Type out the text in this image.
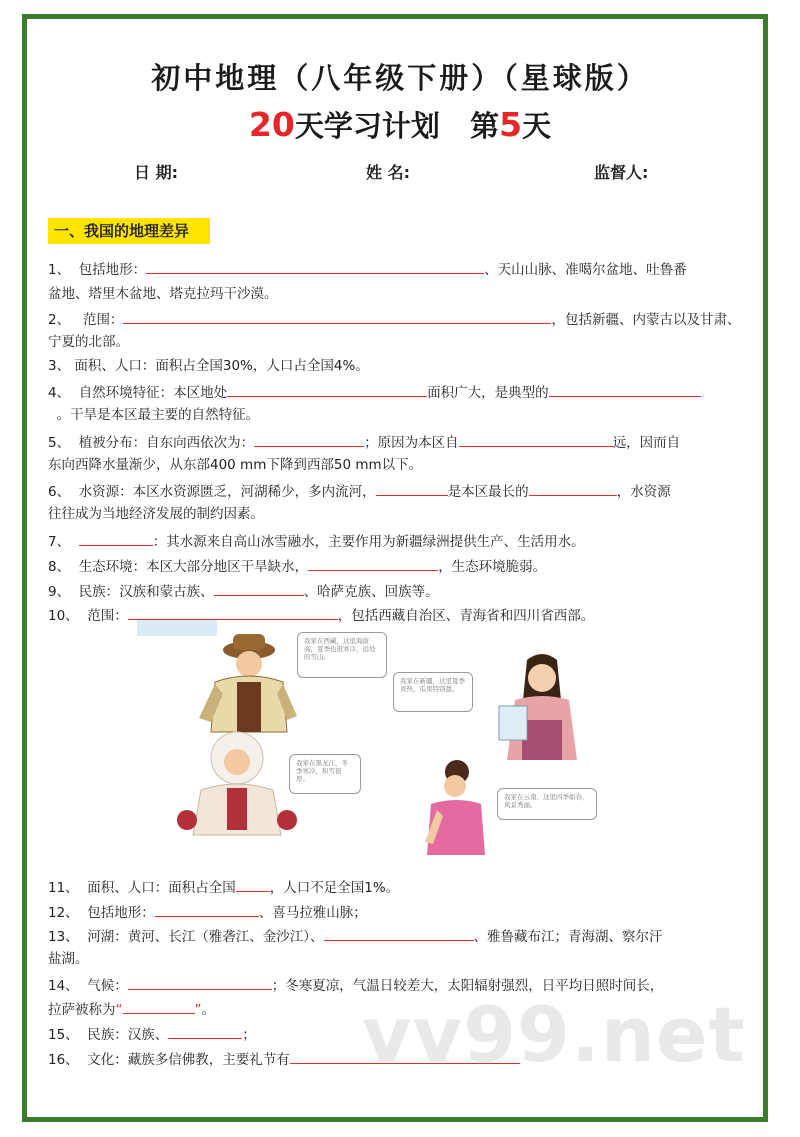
初中地理（八年级下册）（星球版）
20天学习计划 第5天
日 期:	姓 名:	监督人:
一、我国的地理差异
1、 包括地形：	、天山山脉、准噶尔盆地、吐鲁番
盆地、塔里木盆地、塔克拉玛干沙漠。
2、 范围：	，包括新疆、内蒙古以及甘肃、
宁夏的北部。
3、 面积、人口：面积占全国30%，人口占全国4%。
4、 自然环境特征：本区地处	面积广大，是典型的
。干旱是本区最主要的自然特征。
5、 植被分布：自东向西依次为：	；原因为本区自	远，因而自
东向西降水量渐少，从东部400 mm下降到西部50 mm以下。
6、 水资源：本区水资源匮乏，河湖稀少，多内流河，	是本区最长的	，水资源
往往成为当地经济发展的制约因素。
7、	：其水源来自高山冰雪融水，主要作用为新疆绿洲提供生产、生活用水。
8、 生态环境：本区大部分地区干旱缺水，	，生态环境脆弱。
9、 民族：汉族和蒙古族、	、哈萨克族、回族等。
10、 范围：	，包括西藏自治区、青海省和四川省西部。
我家在西藏，这里海拔高，夏季也很寒冷，远处的雪山。
我家在新疆，这里夏季炎热，瓜果特别甜。
我家在黑龙江，冬季寒冷，积雪很厚。
我家在云南，这里四季如春，风景秀丽。
11、 面积、人口：面积占全国	，人口不足全国1%。
12、 包括地形：	、喜马拉雅山脉；
13、 河湖：黄河、长江（雅砻江、金沙江）、	、雅鲁藏布江；青海湖、察尔汗
盐湖。
14、 气候：	；冬寒夏凉，气温日较差大，太阳辐射强烈，日平均日照时间长，
拉萨被称为“	”。
15、 民族：汉族、	；
16、 文化：藏族多信佛教，主要礼节有 vv99.net
